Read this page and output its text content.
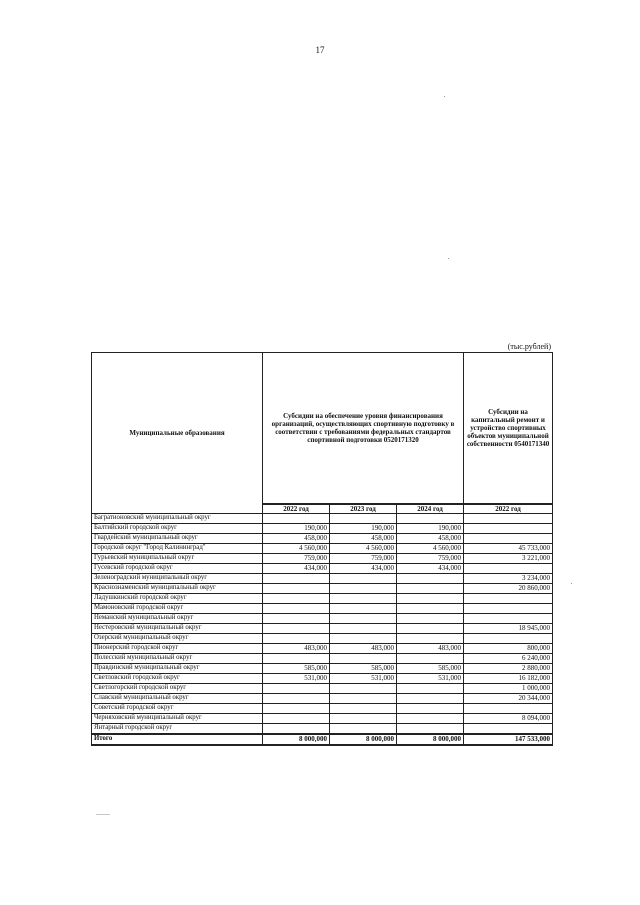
17
(тыс.рублей)
Муниципальные образования	Субсидии на обеспечение уровня финансирования организаций, осуществляющих спортивную подготовку в соответствии с требованиями федеральных стандартов спортивной подготовки 0520171320			Субсидии на капитальный ремонт и устройство спортивных объектов муниципальной собственности 0540171340
	2022 год	2023 год	2024 год	2022 год
Багратионовский муниципальный округ				
Балтийский городской округ	190,000	190,000	190,000	
Гвардейский муниципальный округ	458,000	458,000	458,000	
Городской округ "Город Калининград"	4 560,000	4 560,000	4 560,000	45 733,000
Гурьевский муниципальный округ	759,000	759,000	759,000	3 221,000
Гусевский городской округ	434,000	434,000	434,000	
Зеленоградский муниципальный округ				3 234,000
Краснознаменский муниципальный округ				20 860,000
Ладушкинский городской округ				
Мамоновский городской округ				
Неманский муниципальный округ				
Нестеровский муниципальный округ				18 945,000
Озерский муниципальный округ				
Пионерский городской округ	483,000	483,000	483,000	800,000
Полесский муниципальный округ				6 240,000
Правдинский муниципальный округ	585,000	585,000	585,000	2 880,000
Светловский городской округ	531,000	531,000	531,000	16 182,000
Светлогорский городской округ				1 000,000
Славский муниципальный округ				20 344,000
Советский городской округ				
Черняховский муниципальный округ				8 094,000
Янтарный городской округ				
Итого	8 000,000	8 000,000	8 000,000	147 533,000
